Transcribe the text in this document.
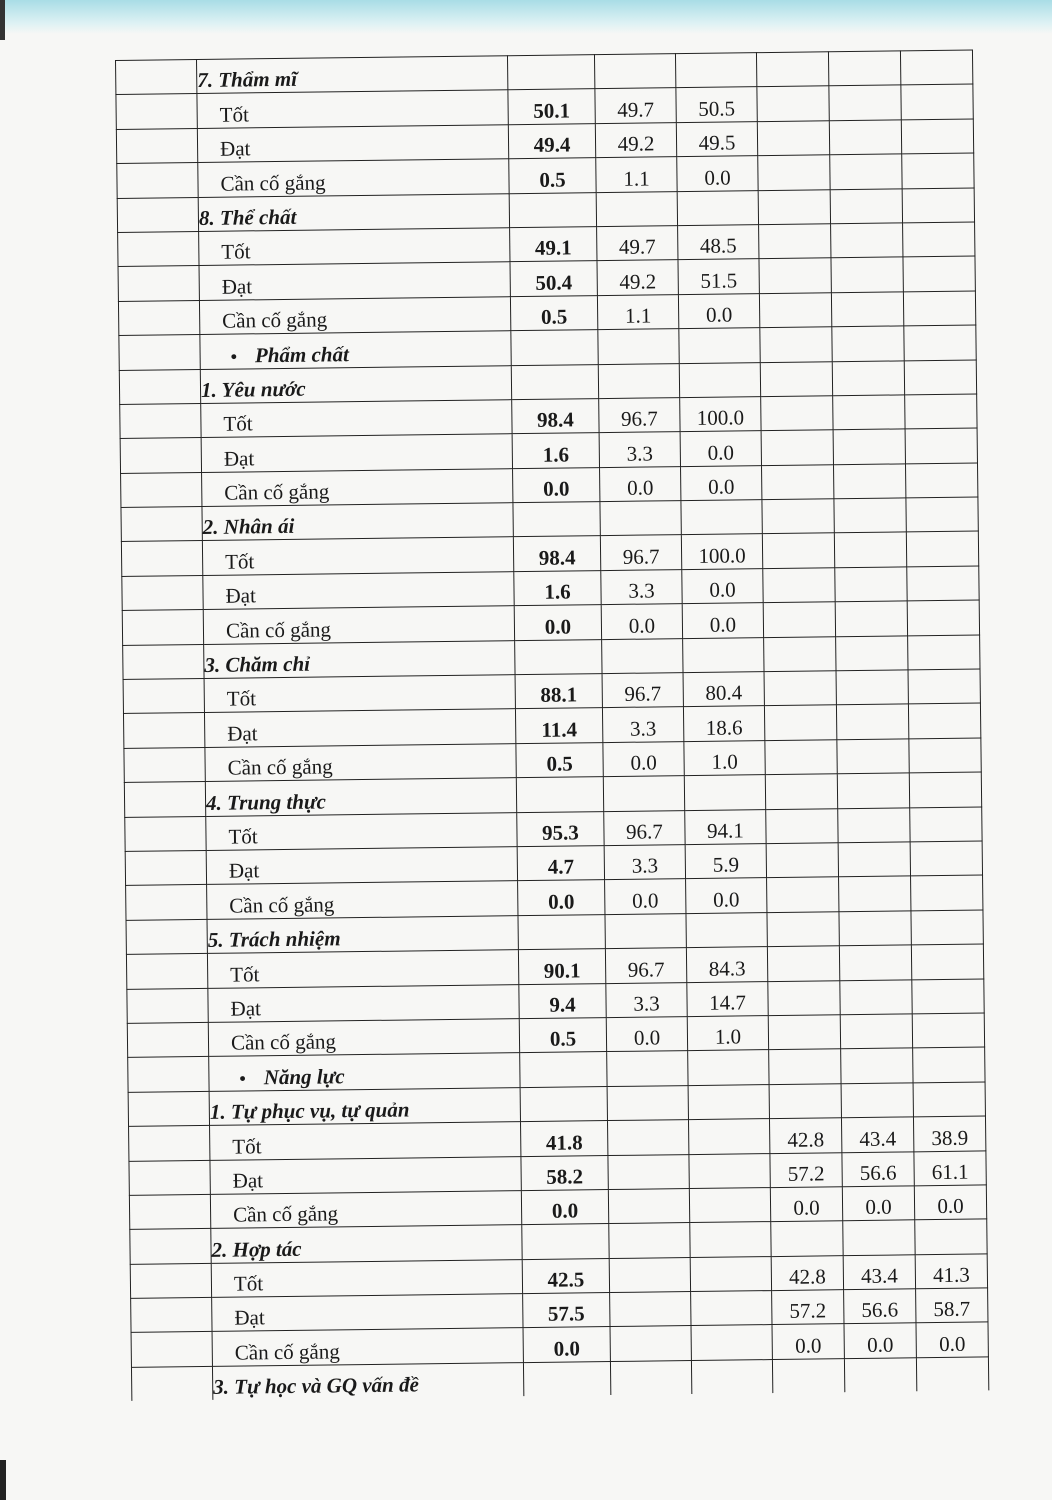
	7. Thẩm mĩ						
	Tốt	50.1	49.7	50.5			
	Đạt	49.4	49.2	49.5			
	Cần cố gắng	0.5	1.1	0.0			
	8. Thể chất						
	Tốt	49.1	49.7	48.5			
	Đạt	50.4	49.2	51.5			
	Cần cố gắng	0.5	1.1	0.0			
	• Phẩm chất						
	1. Yêu nước						
	Tốt	98.4	96.7	100.0			
	Đạt	1.6	3.3	0.0			
	Cần cố gắng	0.0	0.0	0.0			
	2. Nhân ái						
	Tốt	98.4	96.7	100.0			
	Đạt	1.6	3.3	0.0			
	Cần cố gắng	0.0	0.0	0.0			
	3. Chăm chỉ						
	Tốt	88.1	96.7	80.4			
	Đạt	11.4	3.3	18.6			
	Cần cố gắng	0.5	0.0	1.0			
	4. Trung thực						
	Tốt	95.3	96.7	94.1			
	Đạt	4.7	3.3	5.9			
	Cần cố gắng	0.0	0.0	0.0			
	5. Trách nhiệm						
	Tốt	90.1	96.7	84.3			
	Đạt	9.4	3.3	14.7			
	Cần cố gắng	0.5	0.0	1.0			
	• Năng lực						
	1. Tự phục vụ, tự quản						
	Tốt	41.8			42.8	43.4	38.9
	Đạt	58.2			57.2	56.6	61.1
	Cần cố gắng	0.0			0.0	0.0	0.0
	2. Hợp tác						
	Tốt	42.5			42.8	43.4	41.3
	Đạt	57.5			57.2	56.6	58.7
	Cần cố gắng	0.0			0.0	0.0	0.0
	3. Tự học và GQ vấn đề						
